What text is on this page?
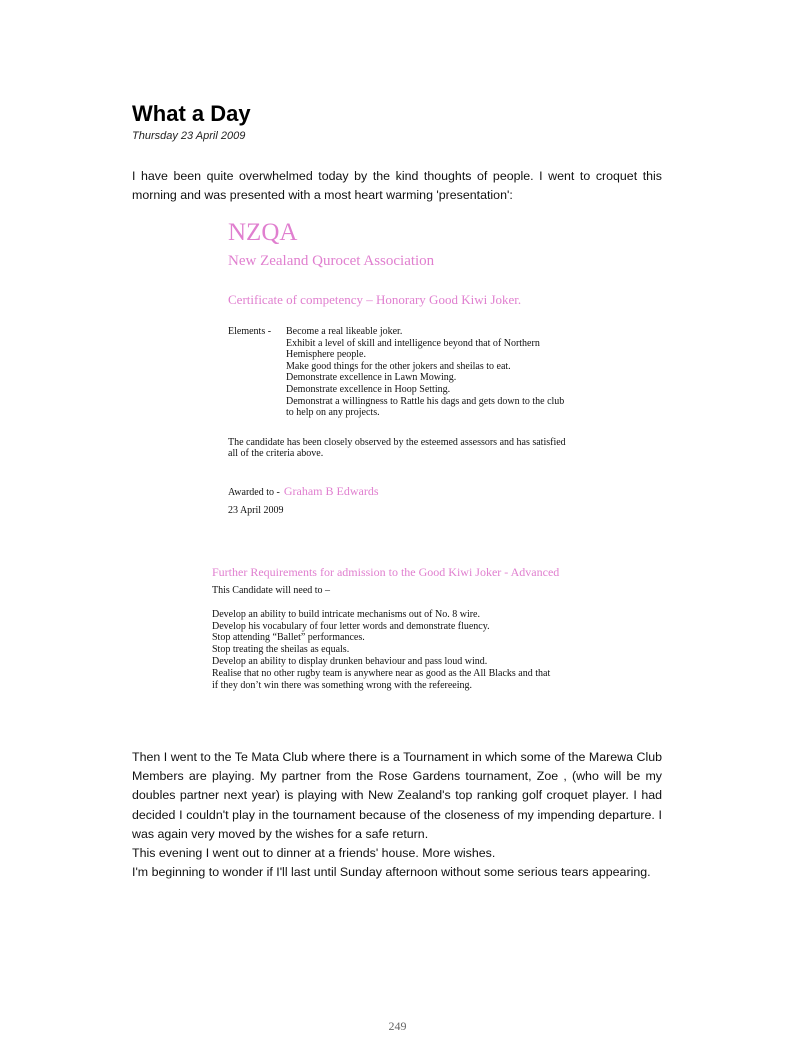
What a Day
Thursday 23 April 2009
I have been quite overwhelmed today by the kind thoughts of people. I went to croquet this morning and was presented with a most heart warming 'presentation':
NZQA
New Zealand Qurocet Association
Certificate of competency – Honorary Good Kiwi Joker.
Elements -	Become a real likeable joker.
Exhibit a level of skill and intelligence beyond that of Northern
Hemisphere people.
Make good things for the other jokers and sheilas to eat.
Demonstrate excellence in Lawn Mowing.
Demonstrate excellence in Hoop Setting.
Demonstrat a willingness to Rattle his dags and gets down to the club
to help on any projects.
The candidate has been closely observed by the esteemed assessors and has satisfied all of the criteria above.
Awarded to - Graham B Edwards
23 April 2009
Further Requirements for admission to the Good Kiwi Joker - Advanced
This Candidate will need to –
Develop an ability to build intricate mechanisms out of No. 8 wire.
Develop his vocabulary of four letter words and demonstrate fluency.
Stop attending “Ballet” performances.
Stop treating the sheilas as equals.
Develop an ability to display drunken behaviour and pass loud wind.
Realise that no other rugby team is anywhere near as good as the All Blacks and that
if they don’t win there was something wrong with the refereeing.
Then I went to the Te Mata Club where there is a Tournament in which some of the Marewa Club Members are playing. My partner from the Rose Gardens tournament, Zoe , (who will be my doubles partner next year) is playing with New Zealand's top ranking golf croquet player. I had decided I couldn't play in the tournament because of the closeness of my impending departure. I was again very moved by the wishes for a safe return.
This evening I went out to dinner at a friends' house. More wishes.
I'm beginning to wonder if I'll last until Sunday afternoon without some serious tears appearing.
249
